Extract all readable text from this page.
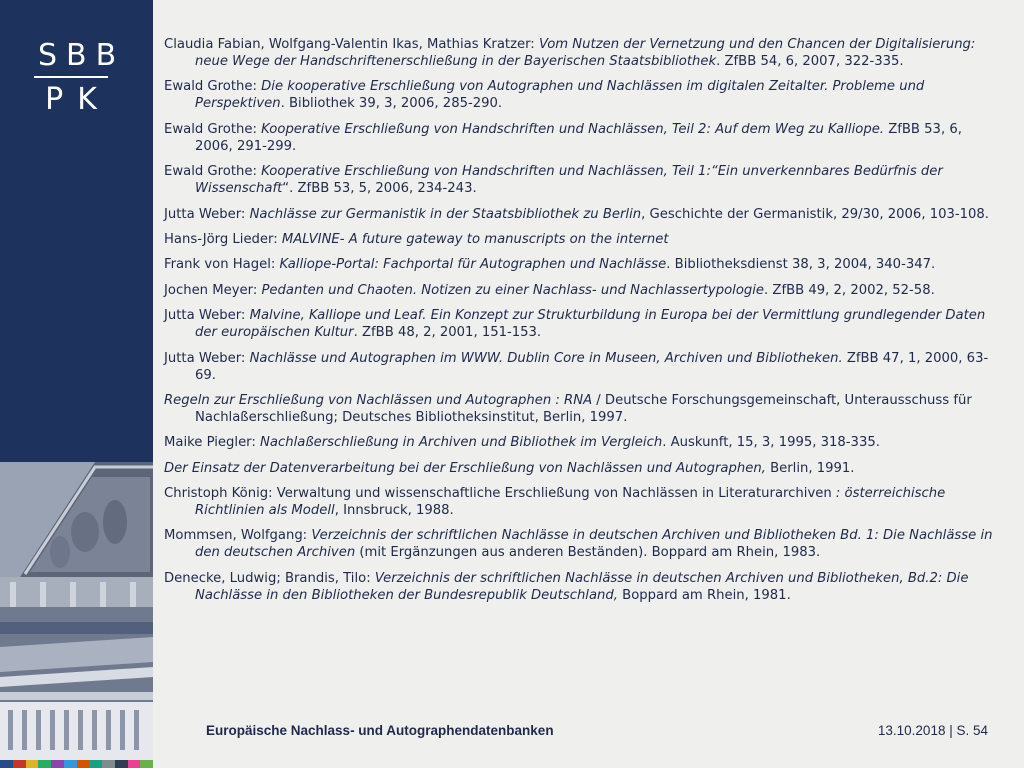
SBB
PK

Claudia Fabian, Wolfgang-Valentin Ikas, Mathias Kratzer: Vom Nutzen der Vernetzung und den Chancen der Digitalisierung: neue Wege der Handschriftenerschließung in der Bayerischen Staatsbibliothek. ZfBB 54, 6, 2007, 322-335.

Ewald Grothe: Die kooperative Erschließung von Autographen und Nachlässen im digitalen Zeitalter. Probleme und Perspektiven. Bibliothek 39, 3, 2006, 285-290.

Ewald Grothe: Kooperative Erschließung von Handschriften und Nachlässen, Teil 2: Auf dem Weg zu Kalliope. ZfBB 53, 6, 2006, 291-299.

Ewald Grothe: Kooperative Erschließung von Handschriften und Nachlässen, Teil 1:“Ein unverkennbares Bedürfnis der Wissenschaft“. ZfBB 53, 5, 2006, 234-243.

Jutta Weber: Nachlässe zur Germanistik in der Staatsbibliothek zu Berlin, Geschichte der Germanistik, 29/30, 2006, 103-108.

Hans-Jörg Lieder: MALVINE- A future gateway to manuscripts on the internet

Frank von Hagel: Kalliope-Portal: Fachportal für Autographen und Nachlässe. Bibliotheksdienst 38, 3, 2004, 340-347.

Jochen Meyer: Pedanten und Chaoten. Notizen zu einer Nachlass- und Nachlassertypologie. ZfBB 49, 2, 2002, 52-58.

Jutta Weber: Malvine, Kalliope und Leaf. Ein Konzept zur Strukturbildung in Europa bei der Vermittlung grundlegender Daten der europäischen Kultur. ZfBB 48, 2, 2001, 151-153.

Jutta Weber: Nachlässe und Autographen im WWW. Dublin Core in Museen, Archiven und Bibliotheken. ZfBB 47, 1, 2000, 63-69.

Regeln zur Erschließung von Nachlässen und Autographen : RNA / Deutsche Forschungsgemeinschaft, Unterausschuss für Nachlaßerschließung; Deutsches Bibliotheksinstitut, Berlin, 1997.

Maike Piegler: Nachlaßerschließung in Archiven und Bibliothek im Vergleich. Auskunft, 15, 3, 1995, 318-335.

Der Einsatz der Datenverarbeitung bei der Erschließung von Nachlässen und Autographen, Berlin, 1991.

Christoph König: Verwaltung und wissenschaftliche Erschließung von Nachlässen in Literaturarchiven : österreichische Richtlinien als Modell, Innsbruck, 1988.

Mommsen, Wolfgang: Verzeichnis der schriftlichen Nachlässe in deutschen Archiven und Bibliotheken Bd. 1: Die Nachlässe in den deutschen Archiven (mit Ergänzungen aus anderen Beständen). Boppard am Rhein, 1983.

Denecke, Ludwig; Brandis, Tilo: Verzeichnis der schriftlichen Nachlässe in deutschen Archiven und Bibliotheken, Bd.2: Die Nachlässe in den Bibliotheken der Bundesrepublik Deutschland, Boppard am Rhein, 1981.

Europäische Nachlass- und Autographendatenbanken	13.10.2018 | S. 54
